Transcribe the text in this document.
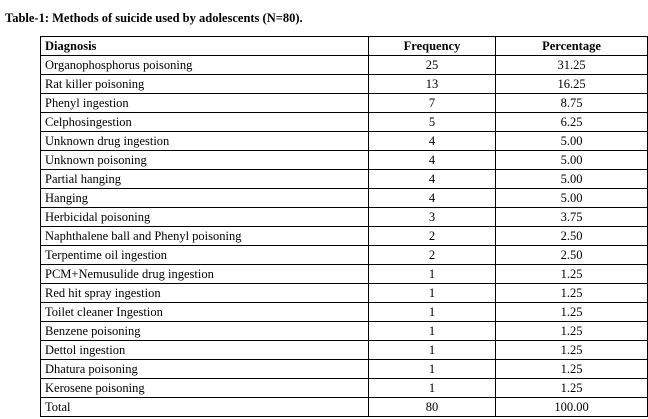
Table-1: Methods of suicide used by adolescents (N=80).
Diagnosis	Frequency	Percentage
Organophosphorus poisoning	25	31.25
Rat killer poisoning	13	16.25
Phenyl ingestion	7	8.75
Celphosingestion	5	6.25
Unknown drug ingestion	4	5.00
Unknown poisoning	4	5.00
Partial hanging	4	5.00
Hanging	4	5.00
Herbicidal poisoning	3	3.75
Naphthalene ball and Phenyl poisoning	2	2.50
Terpentime oil ingestion	2	2.50
PCM+Nemusulide drug ingestion	1	1.25
Red hit spray ingestion	1	1.25
Toilet cleaner Ingestion	1	1.25
Benzene poisoning	1	1.25
Dettol ingestion	1	1.25
Dhatura poisoning	1	1.25
Kerosene poisoning	1	1.25
Total	80	100.00
